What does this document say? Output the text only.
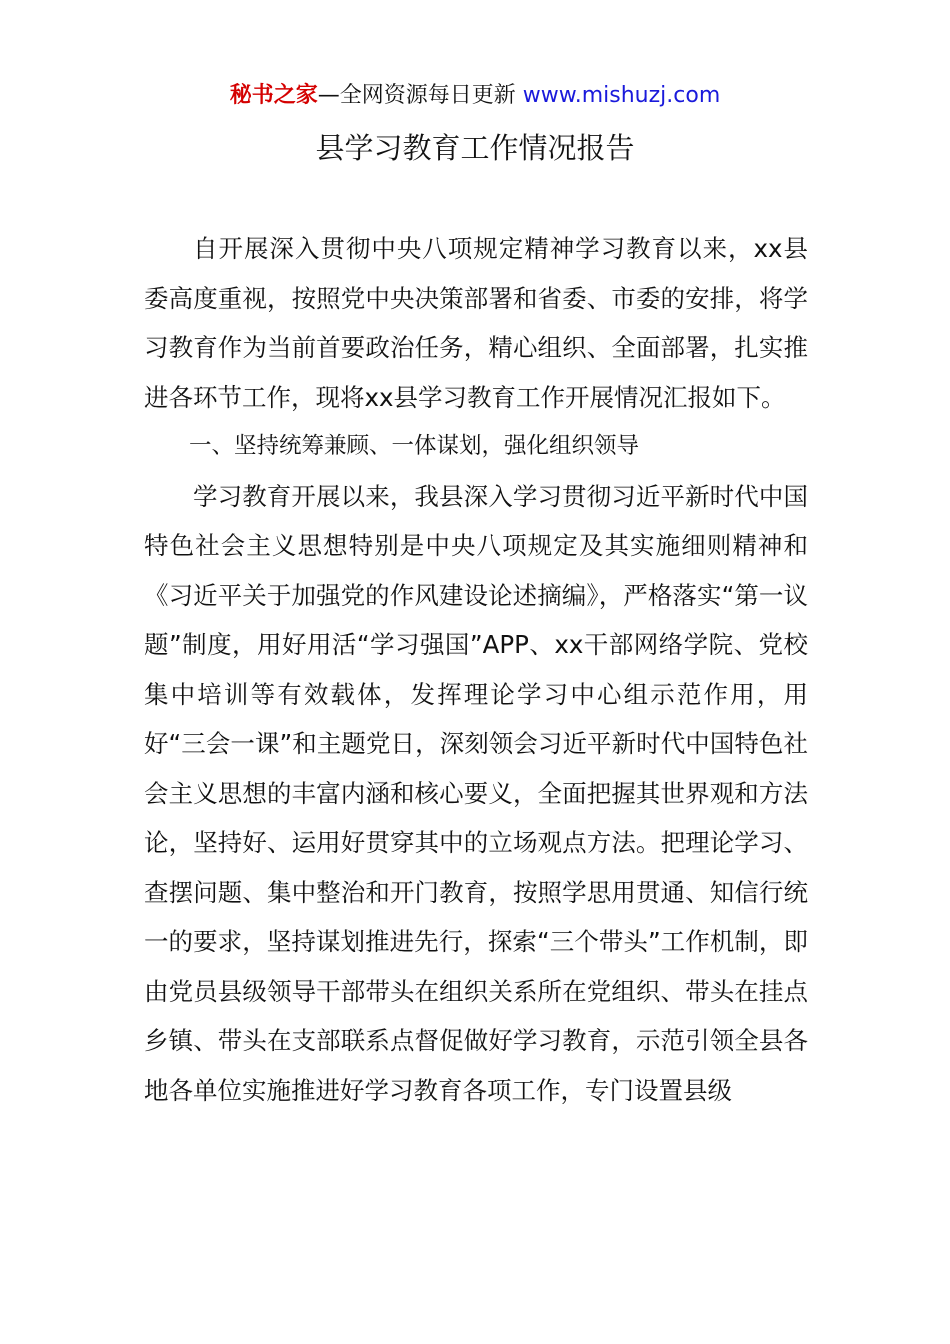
秘书之家—全网资源每日更新 www.mishuzj.com
县学习教育工作情况报告

自开展深入贯彻中央八项规定精神学习教育以来，xx县委高度重视，按照党中央决策部署和省委、市委的安排，将学习教育作为当前首要政治任务，精心组织、全面部署，扎实推进各环节工作，现将xx县学习教育工作开展情况汇报如下。

一、坚持统筹兼顾、一体谋划，强化组织领导

学习教育开展以来，我县深入学习贯彻习近平新时代中国特色社会主义思想特别是中央八项规定及其实施细则精神和《习近平关于加强党的作风建设论述摘编》，严格落实“第一议题”制度，用好用活“学习强国”APP、xx干部网络学院、党校集中培训等有效载体，发挥理论学习中心组示范作用，用好“三会一课”和主题党日，深刻领会习近平新时代中国特色社会主义思想的丰富内涵和核心要义，全面把握其世界观和方法论，坚持好、运用好贯穿其中的立场观点方法。把理论学习、查摆问题、集中整治和开门教育，按照学思用贯通、知信行统一的要求，坚持谋划推进先行，探索“三个带头”工作机制，即由党员县级领导干部带头在组织关系所在党组织、带头在挂点乡镇、带头在支部联系点督促做好学习教育，示范引领全县各地各单位实施推进好学习教育各项工作，专门设置县级
